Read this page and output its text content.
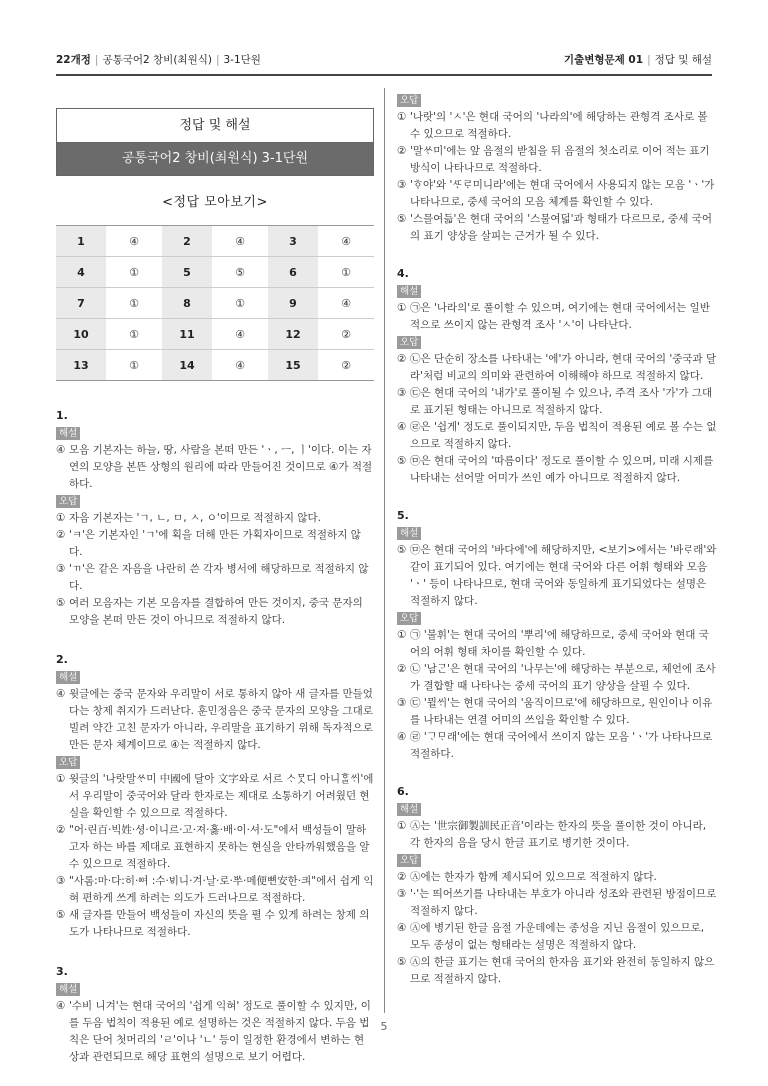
22개정 | 공통국어2 창비(최원식) | 3-1단원	기출변형문제 01 | 정답 및 해설
정답 및 해설
공통국어2 창비(최원식) 3-1단원
<정답 모아보기>
1	④	2	④	3	④
4	①	5	⑤	6	①
7	①	8	①	9	④
10	①	11	④	12	②
13	①	14	④	15	②
1.
해설
④ 모음 기본자는 하늘, 땅, 사람을 본떠 만든 'ㆍ, ㅡ, ㅣ'이다. 이는 자연의 모양을 본뜬 상형의 원리에 따라 만들어진 것이므로 ④가 적절하다.
오답
① 자음 기본자는 'ㄱ, ㄴ, ㅁ, ㅅ, ㅇ'이므로 적절하지 않다.
② 'ㅋ'은 기본자인 'ㄱ'에 획을 더해 만든 가획자이므로 적절하지 않다.
③ 'ㄲ'은 같은 자음을 나란히 쓴 각자 병서에 해당하므로 적절하지 않다.
⑤ 여러 모음자는 기본 모음자를 결합하여 만든 것이지, 중국 문자의 모양을 본떠 만든 것이 아니므로 적절하지 않다.
2.
해설
④ 윗글에는 중국 문자와 우리말이 서로 통하지 않아 새 글자를 만들었다는 창제 취지가 드러난다. 훈민정음은 중국 문자의 모양을 그대로 빌려 약간 고친 문자가 아니라, 우리말을 표기하기 위해 독자적으로 만든 문자 체계이므로 ④는 적절하지 않다.
오답
① 윗글의 '나랏말ᄊᆞ미 中國에 달아 文字와로 서르 ᄉᆞᄆᆞᆺ디 아니ᄒᆞᆯᄊᆡ'에서 우리말이 중국어와 달라 한자로는 제대로 소통하기 어려웠던 현실을 확인할 수 있으므로 적절하다.
② "어·린百·빅姓·셩·이니르·고·져·홇·배·이·셔·도"에서 백성들이 말하고자 하는 바를 제대로 표현하지 못하는 현실을 안타까워했음을 알 수 있으므로 적절하다.
③ "사롬:마·다:히·ᅇᅧ :수·ᄫᅵ니·겨·날·로·ᄡᅮ·메便뼌安한·킈"에서 쉽게 익혀 편하게 쓰게 하려는 의도가 드러나므로 적절하다.
⑤ 새 글자를 만들어 백성들이 자신의 뜻을 펼 수 있게 하려는 창제 의도가 나타나므로 적절하다.
3.
해설
④ '수비 니겨'는 현대 국어의 '쉽게 익혀' 정도로 풀이할 수 있지만, 이를 두음 법칙이 적용된 예로 설명하는 것은 적절하지 않다. 두음 법칙은 단어 첫머리의 'ㄹ'이나 'ㄴ' 등이 일정한 환경에서 변하는 현상과 관련되므로 해당 표현의 설명으로 보기 어렵다.
오답
① '나랏'의 'ㅅ'은 현대 국어의 '나라의'에 해당하는 관형격 조사로 볼 수 있으므로 적절하다.
② '말ᄊᆞ미'에는 앞 음절의 받침을 뒤 음절의 첫소리로 이어 적는 표기 방식이 나타나므로 적절하다.
③ 'ᄒᆞ야'와 'ᄯᆞᄅᆞ미니라'에는 현대 국어에서 사용되지 않는 모음 'ㆍ'가 나타나므로, 중세 국어의 모음 체계를 확인할 수 있다.
⑤ '스믈여듧'은 현대 국어의 '스물여덟'과 형태가 다르므로, 중세 국어의 표기 양상을 살피는 근거가 될 수 있다.
4.
해설
① ㉠은 '나라의'로 풀이할 수 있으며, 여기에는 현대 국어에서는 일반적으로 쓰이지 않는 관형격 조사 'ㅅ'이 나타난다.
오답
② ㉡은 단순히 장소를 나타내는 '에'가 아니라, 현대 국어의 '중국과 달라'처럼 비교의 의미와 관련하여 이해해야 하므로 적절하지 않다.
③ ㉢은 현대 국어의 '내가'로 풀이될 수 있으나, 주격 조사 '가'가 그대로 표기된 형태는 아니므로 적절하지 않다.
④ ㉣은 '쉽게' 정도로 풀이되지만, 두음 법칙이 적용된 예로 볼 수는 없으므로 적절하지 않다.
⑤ ㉤은 현대 국어의 '따름이다' 정도로 풀이할 수 있으며, 미래 시제를 나타내는 선어말 어미가 쓰인 예가 아니므로 적절하지 않다.
5.
해설
⑤ ㉤은 현대 국어의 '바다에'에 해당하지만, <보기>에서는 '바ᄅᆞ래'와 같이 표기되어 있다. 여기에는 현대 국어와 다른 어휘 형태와 모음 'ㆍ' 등이 나타나므로, 현대 국어와 동일하게 표기되었다는 설명은 적절하지 않다.
오답
① ㉠ '불휘'는 현대 국어의 '뿌리'에 해당하므로, 중세 국어와 현대 국어의 어휘 형태 차이를 확인할 수 있다.
② ㉡ '남ᄀᆞᆫ'은 현대 국어의 '나무는'에 해당하는 부분으로, 체언에 조사가 결합할 때 나타나는 중세 국어의 표기 양상을 살필 수 있다.
③ ㉢ '뮐ᄊᆡ'는 현대 국어의 '움직이므로'에 해당하므로, 원인이나 이유를 나타내는 연결 어미의 쓰임을 확인할 수 있다.
④ ㉣ 'ᄀᆞᄆᆞ래'에는 현대 국어에서 쓰이지 않는 모음 'ㆍ'가 나타나므로 적절하다.
6.
해설
① Ⓐ는 '世宗御製訓民正音'이라는 한자의 뜻을 풀이한 것이 아니라, 각 한자의 음을 당시 한글 표기로 병기한 것이다.
오답
② Ⓐ에는 한자가 함께 제시되어 있으므로 적절하지 않다.
③ '·'는 띄어쓰기를 나타내는 부호가 아니라 성조와 관련된 방점이므로 적절하지 않다.
④ Ⓐ에 병기된 한글 음절 가운데에는 종성을 지닌 음절이 있으므로, 모두 종성이 없는 형태라는 설명은 적절하지 않다.
⑤ Ⓐ의 한글 표기는 현대 국어의 한자음 표기와 완전히 동일하지 않으므로 적절하지 않다.
5
